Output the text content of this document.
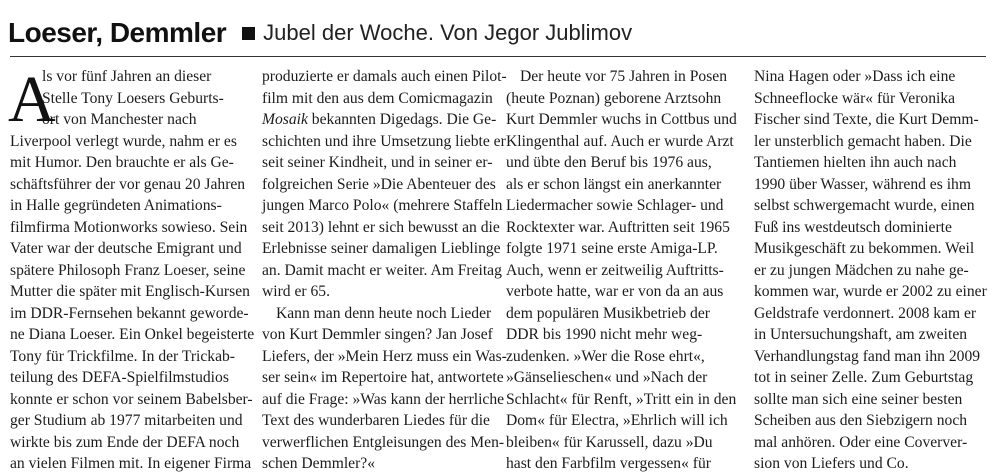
Loeser, Demmler Jubel der Woche. Von Jegor Jublimov
A
ls vor fünf Jahren an dieser
Stelle Tony Loesers Geburts-
ort von Manchester nach
Liverpool verlegt wurde, nahm er es
mit Humor. Den brauchte er als Ge-
schäftsführer der vor genau 20 Jahren
in Halle gegründeten Animations-
filmfirma Motionworks sowieso. Sein
Vater war der deutsche Emigrant und
spätere Philosoph Franz Loeser, seine
Mutter die später mit Englisch-Kursen
im DDR-Fernsehen bekannt geworde-
ne Diana Loeser. Ein Onkel begeisterte
Tony für Trickfilme. In der Trickab-
teilung des DEFA-Spielfilmstudios
konnte er schon vor seinem Babelsber-
ger Studium ab 1977 mitarbeiten und
wirkte bis zum Ende der DEFA noch
an vielen Filmen mit. In eigener Firma
produzierte er damals auch einen Pilot-
film mit den aus dem Comicmagazin
Mosaik bekannten Digedags. Die Ge-
schichten und ihre Umsetzung liebte er
seit seiner Kindheit, und in seiner er-
folgreichen Serie »Die Abenteuer des
jungen Marco Polo« (mehrere Staffeln
seit 2013) lehnt er sich bewusst an die
Erlebnisse seiner damaligen Lieblinge
an. Damit macht er weiter. Am Freitag
wird er 65.
Kann man denn heute noch Lieder
von Kurt Demmler singen? Jan Josef
Liefers, der »Mein Herz muss ein Was-
ser sein« im Repertoire hat, antwortete
auf die Frage: »Was kann der herrliche
Text des wunderbaren Liedes für die
verwerflichen Entgleisungen des Men-
schen Demmler?«
Der heute vor 75 Jahren in Posen
(heute Poznan) geborene Arztsohn
Kurt Demmler wuchs in Cottbus und
Klingenthal auf. Auch er wurde Arzt
und übte den Beruf bis 1976 aus,
als er schon längst ein anerkannter
Liedermacher sowie Schlager- und
Rocktexter war. Auftritten seit 1965
folgte 1971 seine erste Amiga-LP.
Auch, wenn er zeitweilig Auftritts-
verbote hatte, war er von da an aus
dem populären Musikbetrieb der
DDR bis 1990 nicht mehr weg-
zudenken. »Wer die Rose ehrt«,
»Gänselieschen« und »Nach der
Schlacht« für Renft, »Tritt ein in den
Dom« für Electra, »Ehrlich will ich
bleiben« für Karussell, dazu »Du
hast den Farbfilm vergessen« für
Nina Hagen oder »Dass ich eine
Schneeflocke wär« für Veronika
Fischer sind Texte, die Kurt Demm-
ler unsterblich gemacht haben. Die
Tantiemen hielten ihn auch nach
1990 über Wasser, während es ihm
selbst schwergemacht wurde, einen
Fuß ins westdeutsch dominierte
Musikgeschäft zu bekommen. Weil
er zu jungen Mädchen zu nahe ge-
kommen war, wurde er 2002 zu einer
Geldstrafe verdonnert. 2008 kam er
in Untersuchungshaft, am zweiten
Verhandlungstag fand man ihn 2009
tot in seiner Zelle. Zum Geburtstag
sollte man sich eine seiner besten
Scheiben aus den Siebzigern noch
mal anhören. Oder eine Coverver-
sion von Liefers und Co.
